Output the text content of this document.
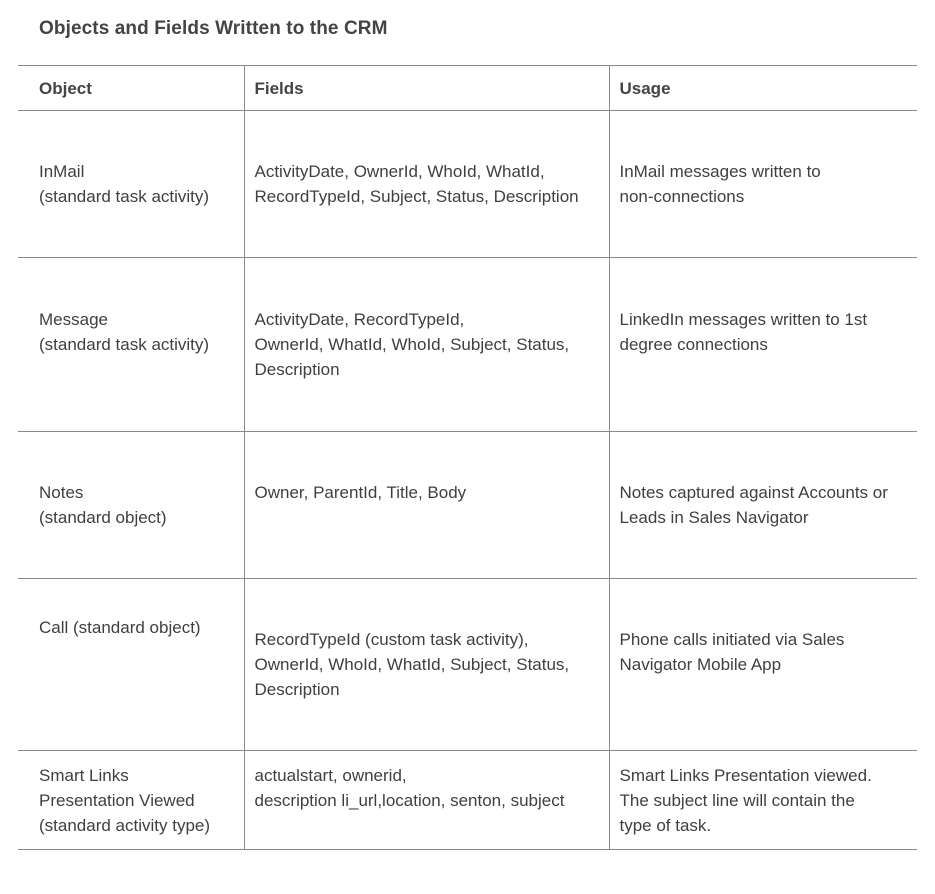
Objects and Fields Written to the CRM
Object	Fields	Usage

InMail
(standard task activity)	ActivityDate, OwnerId, WhoId, WhatId,
RecordTypeId, Subject, Status, Description	InMail messages written to
non-connections

Message
(standard task activity)	ActivityDate, RecordTypeId,
OwnerId, WhatId, WhoId, Subject, Status,
Description	LinkedIn messages written to 1st
degree connections

Notes
(standard object)	Owner, ParentId, Title, Body	Notes captured against Accounts or
Leads in Sales Navigator

Call (standard object)	RecordTypeId (custom task activity),
OwnerId, WhoId, WhatId, Subject, Status,
Description	Phone calls initiated via Sales
Navigator Mobile App

Smart Links
Presentation Viewed
(standard activity type)	actualstart, ownerid,
description li_url,location, senton, subject	Smart Links Presentation viewed.
The subject line will contain the
type of task.
